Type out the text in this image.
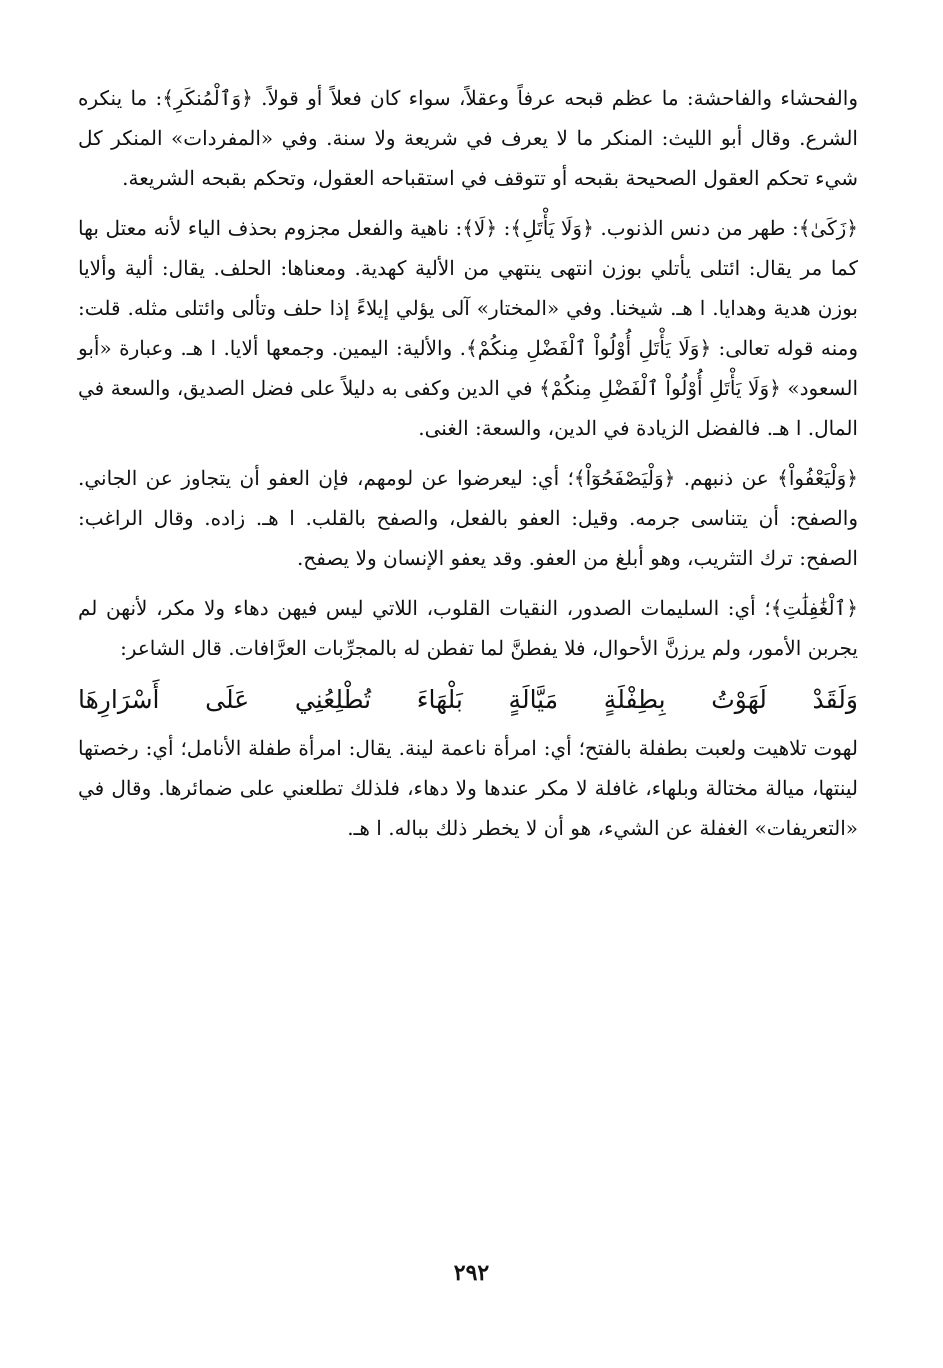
والفحشاء والفاحشة: ما عظم قبحه عرفاً وعقلاً، سواء كان فعلاً أو قولاً. ﴿وَٱلْمُنكَرِ﴾: ما ينكره الشرع. وقال أبو الليث: المنكر ما لا يعرف في شريعة ولا سنة. وفي «المفردات» المنكر كل شيء تحكم العقول الصحيحة بقبحه أو تتوقف في استقباحه العقول، وتحكم بقبحه الشريعة.

﴿زَكَىٰ﴾: طهر من دنس الذنوب. ﴿وَلَا يَأْتَلِ﴾: ﴿لَا﴾: ناهية والفعل مجزوم بحذف الياء لأنه معتل بها كما مر يقال: ائتلى يأتلي بوزن انتهى ينتهي من الألية كهدية. ومعناها: الحلف. يقال: ألية وألايا بوزن هدية وهدايا. ا هـ. شيخنا. وفي «المختار» آلى يؤلي إيلاءً إذا حلف وتألى وائتلى مثله. قلت: ومنه قوله تعالى: ﴿وَلَا يَأْتَلِ أُوْلُواْ ٱلْفَضْلِ مِنكُمْ﴾. والألية: اليمين. وجمعها ألايا. ا هـ. وعبارة «أبو السعود» ﴿وَلَا يَأْتَلِ أُوْلُواْ ٱلْفَضْلِ مِنكُمْ﴾ في الدين وكفى به دليلاً على فضل الصديق، والسعة في المال. ا هـ. فالفضل الزيادة في الدين، والسعة: الغنى.

﴿وَلْيَعْفُواْ﴾ عن ذنبهم. ﴿وَلْيَصْفَحُوٓاْ﴾؛ أي: ليعرضوا عن لومهم، فإن العفو أن يتجاوز عن الجاني. والصفح: أن يتناسى جرمه. وقيل: العفو بالفعل، والصفح بالقلب. ا هـ. زاده. وقال الراغب: الصفح: ترك التثريب، وهو أبلغ من العفو. وقد يعفو الإنسان ولا يصفح.

﴿ٱلْغَٰفِلَٰتِ﴾؛ أي: السليمات الصدور، النقيات القلوب، اللاتي ليس فيهن دهاء ولا مكر، لأنهن لم يجربن الأمور، ولم يرزنَّ الأحوال، فلا يفطنَّ لما تفطن له بالمجرِّبات العرَّافات. قال الشاعر:

وَلَقَدْ لَهَوْتُ بِطِفْلَةٍ مَيَّالَةٍ بَلْهَاءَ تُطْلِعُنِي عَلَى أَسْرَارِهَا

لهوت تلاهيت ولعبت بطفلة بالفتح؛ أي: امرأة ناعمة لينة. يقال: امرأة طفلة الأنامل؛ أي: رخصتها لينتها، ميالة مختالة وبلهاء، غافلة لا مكر عندها ولا دهاء، فلذلك تطلعني على ضمائرها. وقال في «التعريفات» الغفلة عن الشيء، هو أن لا يخطر ذلك بباله. ا هـ.

٢٩٢
